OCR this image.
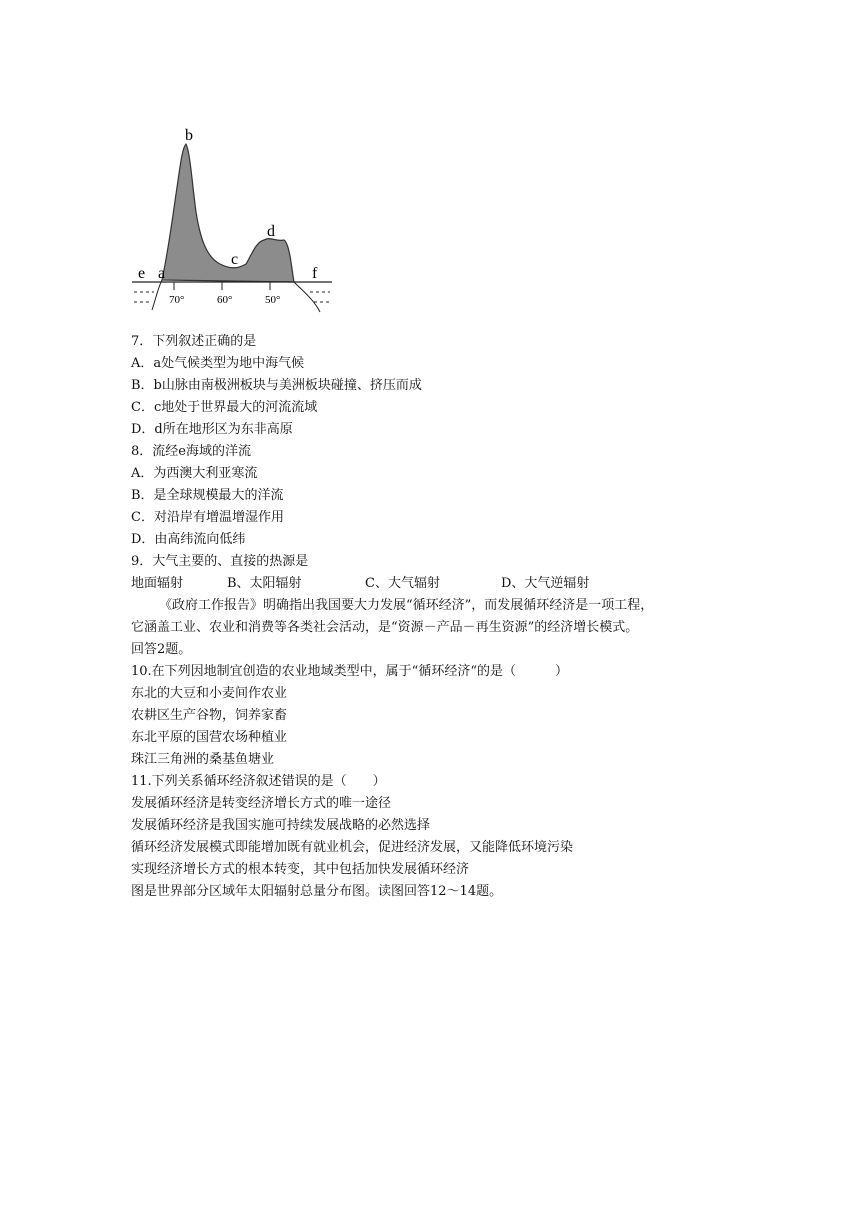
70°	60°	50°
b
c
d
e a	f
7．下列叙述正确的是
A．a处气候类型为地中海气候
B．b山脉由南极洲板块与美洲板块碰撞、挤压而成
C．c地处于世界最大的河流流域
D．d所在地形区为东非高原
8．流经e海域的洋流
A．为西澳大利亚寒流
B．是全球规模最大的洋流
C．对沿岸有增温增湿作用
D．由高纬流向低纬
9．大气主要的、直接的热源是
地面辐射	B、太阳辐射	C、大气辐射	D、大气逆辐射
《政府工作报告》明确指出我国要大力发展“循环经济”，而发展循环经济是一项工程，
它涵盖工业、农业和消费等各类社会活动，是“资源－产品－再生资源”的经济增长模式。
回答2题。
10.在下列因地制宜创造的农业地域类型中，属于“循环经济“的是（　　　）
东北的大豆和小麦间作农业
农耕区生产谷物，饲养家畜
东北平原的国营农场种植业
珠江三角洲的桑基鱼塘业
11.下列关系循环经济叙述错误的是（　　）
发展循环经济是转变经济增长方式的唯一途径
发展循环经济是我国实施可持续发展战略的必然选择
循环经济发展模式即能增加既有就业机会，促进经济发展，又能降低环境污染
实现经济增长方式的根本转变，其中包括加快发展循环经济
图是世界部分区域年太阳辐射总量分布图。读图回答12～14题。
